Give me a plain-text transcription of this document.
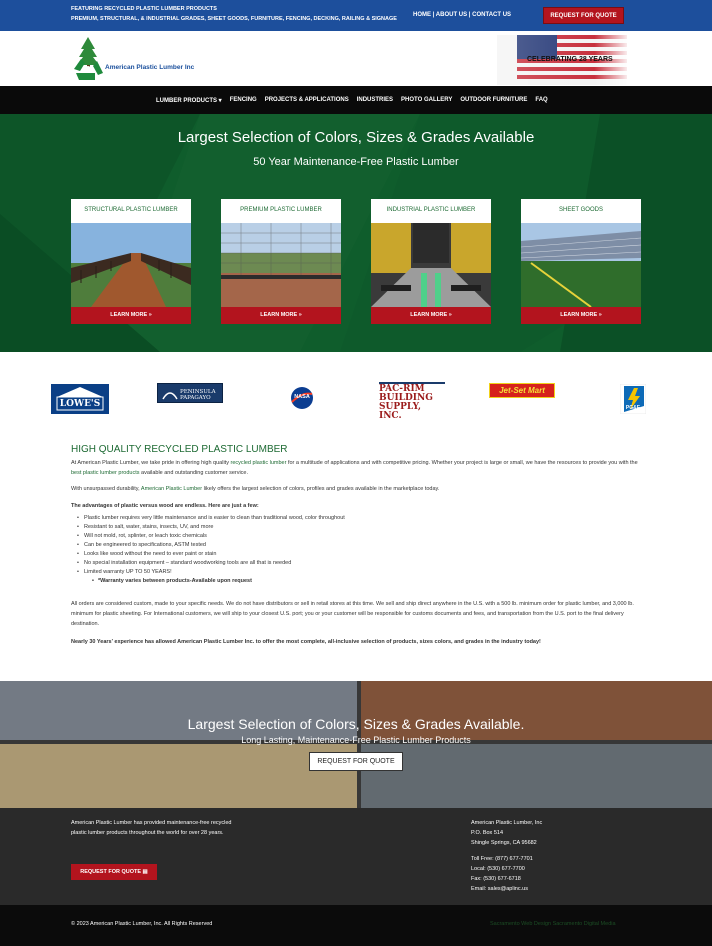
FEATURING RECYCLED PLASTIC LUMBER PRODUCTS
PREMIUM, STRUCTURAL, & INDUSTRIAL GRADES, SHEET GOODS, FURNITURE, FENCING, DECKING, RAILING & SIGNAGE
HOME | ABOUT US | CONTACT US	REQUEST FOR QUOTE
American Plastic Lumber Inc
CELEBRATING 28 YEARS
LUMBER PRODUCTS ▾ FENCING PROJECTS & APPLICATIONS INDUSTRIES PHOTO GALLERY OUTDOOR FURNITURE FAQ
Largest Selection of Colors, Sizes & Grades Available
50 Year Maintenance-Free Plastic Lumber
STRUCTURAL PLASTIC LUMBER
LEARN MORE »
PREMIUM PLASTIC LUMBER
LEARN MORE »
INDUSTRIAL PLASTIC LUMBER
LEARN MORE »
SHEET GOODS
LEARN MORE »
LOWE'S
PENINSULA PAPAGAYO	NASA
PAC-RIM
BUILDING
SUPPLY, INC.
Jet-Set Mart
PG&E
HIGH QUALITY RECYCLED PLASTIC LUMBER

At American Plastic Lumber, we take pride in offering high quality recycled plastic lumber for a multitude of applications and with competitive pricing. Whether your project is large or small, we have the resources to provide you with the best plastic lumber products available and outstanding customer service.

With unsurpassed durability, American Plastic Lumber likely offers the largest selection of colors, profiles and grades available in the marketplace today.

The advantages of plastic versus wood are endless. Here are just a few:

• Plastic lumber requires very little maintenance and is easier to clean than traditional wood, color throughout
• Resistant to salt, water, stains, insects, UV, and more
• Will not mold, rot, splinter, or leach toxic chemicals
• Can be engineered to specifications, ASTM tested
• Looks like wood without the need to ever paint or stain
• No special installation equipment – standard woodworking tools are all that is needed
• Limited warranty UP TO 50 YEARS!
• *Warranty varies between products-Available upon request

All orders are considered custom, made to your specific needs. We do not have distributors or sell in retail stores at this time. We sell and ship direct anywhere in the U.S. with a 500 lb. minimum order for plastic lumber, and 3,000 lb. minimum for plastic sheeting. For International customers, we will ship to your closest U.S. port; you or your customer will be responsible for customs documents and fees, and transportation from the U.S. port to the final delivery destination.

Nearly 30 Years' experience has allowed American Plastic Lumber Inc. to offer the most complete, all-inclusive selection of products, sizes colors, and grades in the industry today!

Largest Selection of Colors, Sizes & Grades Available.
Long Lasting, Maintenance-Free Plastic Lumber Products
REQUEST FOR QUOTE
American Plastic Lumber has provided maintenance-free recycled plastic lumber products throughout the world for over 28 years.
REQUEST FOR QUOTE ▤
American Plastic Lumber, Inc
P.O. Box 514
Shingle Springs, CA 95682
Toll Free: (877) 677-7701
Local: (530) 677-7700
Fax: (530) 677-6718
Email: sales@aplinc.us
© 2023 American Plastic Lumber, Inc. All Rights Reserved	Sacramento Web Design Sacramento Digital Media
